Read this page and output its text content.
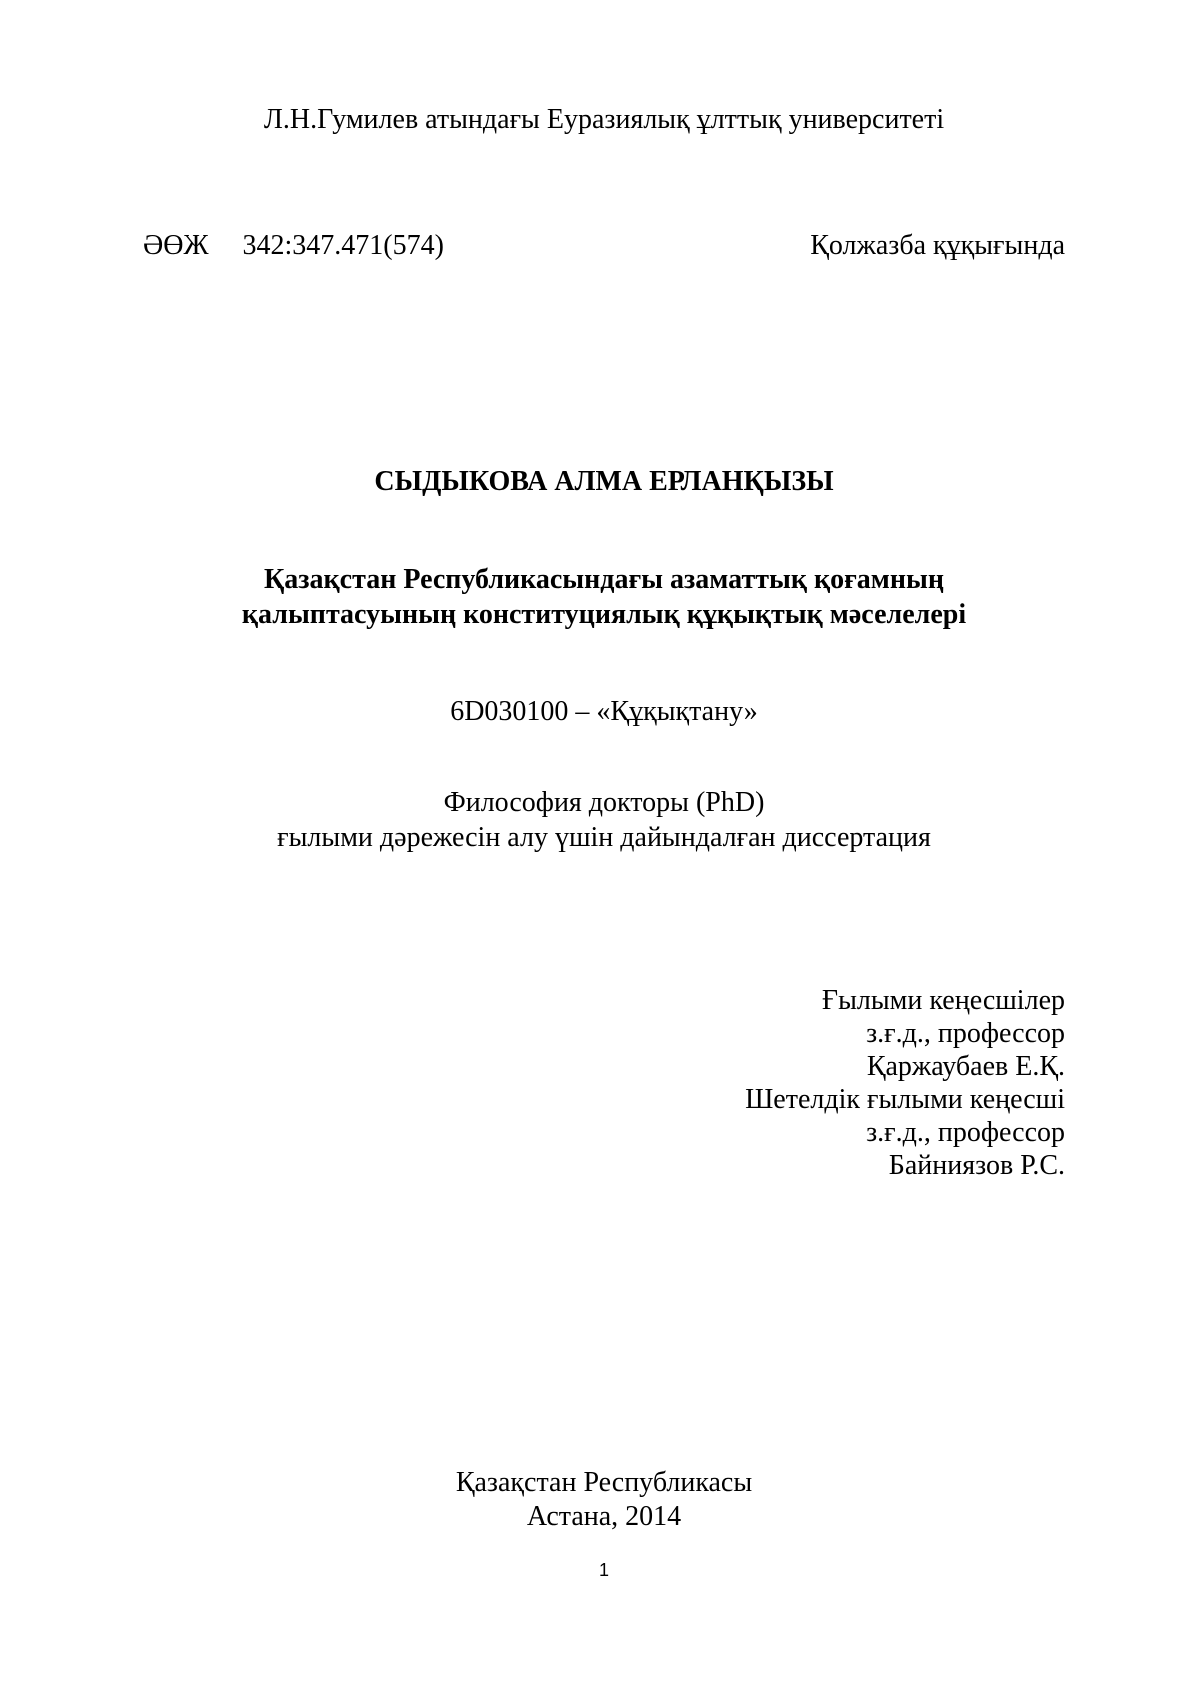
Л.Н.Гумилев атындағы Еуразиялық ұлттық университеті
ӘӨЖ 342:347.471(574)	Қолжазба құқығында
СЫДЫКОВА АЛМА ЕРЛАНҚЫЗЫ
Қазақстан Республикасындағы азаматтық қоғамның
қалыптасуының конституциялық құқықтық мәселелері
6D030100 – «Құқықтану»
Философия докторы (PhD)
ғылыми дәрежесін алу үшін дайындалған диссертация
Ғылыми кеңесшілер
з.ғ.д., профессор
Қаржаубаев Е.Қ.
Шетелдік ғылыми кеңесші
з.ғ.д., профессор
Байниязов Р.С.
Қазақстан Республикасы
Астана, 2014
1
